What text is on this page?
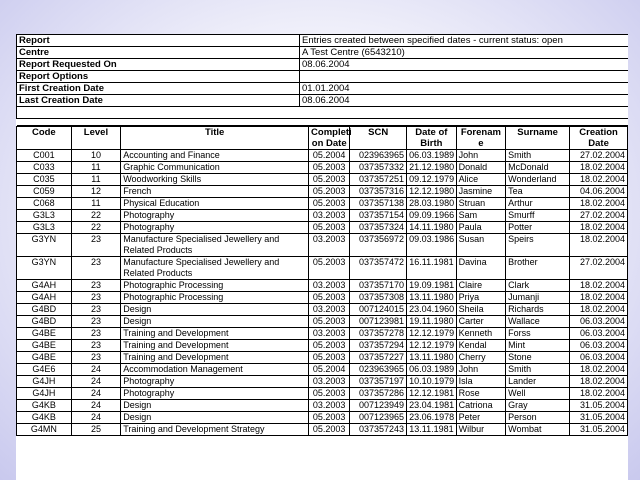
Report	Entries created between specified dates - current status: open
Centre	A Test Centre (6543210)
Report Requested On	08.06.2004
Report Options	
First Creation Date	01.01.2004
Last Creation Date	08.06.2004

Code	Level	Title	Completi on Date	SCN	Date of Birth	Forenam e	Surname	Creation Date
C001	10	Accounting and Finance	05.2004	023963965	06.03.1989	John	Smith	27.02.2004
C033	11	Graphic Communication	05.2003	037357332	21.12.1980	Donald	McDonald	18.02.2004
C035	11	Woodworking Skills	05.2003	037357251	09.12.1979	Alice	Wonderland	18.02.2004
C059	12	French	05.2003	037357316	12.12.1980	Jasmine	Tea	04.06.2004
C068	11	Physical Education	05.2003	037357138	28.03.1980	Struan	Arthur	18.02.2004
G3L3	22	Photography	03.2003	037357154	09.09.1966	Sam	Smurff	27.02.2004
G3L3	22	Photography	05.2003	037357324	14.11.1980	Paula	Potter	18.02.2004
G3YN	23	Manufacture Specialised Jewellery and Related Products	03.2003	037356972	09.03.1986	Susan	Speirs	18.02.2004
G3YN	23	Manufacture Specialised Jewellery and Related Products	05.2003	037357472	16.11.1981	Davina	Brother	27.02.2004
G4AH	23	Photographic Processing	03.2003	037357170	19.09.1981	Claire	Clark	18.02.2004
G4AH	23	Photographic Processing	05.2003	037357308	13.11.1980	Priya	Jumanji	18.02.2004
G4BD	23	Design	03.2003	007124015	23.04.1960	Sheila	Richards	18.02.2004
G4BD	23	Design	05.2003	007123981	19.11.1980	Carter	Wallace	06.03.2004
G4BE	23	Training and Development	03.2003	037357278	12.12.1979	Kenneth	Forss	06.03.2004
G4BE	23	Training and Development	05.2003	037357294	12.12.1979	Kendal	Mint	06.03.2004
G4BE	23	Training and Development	05.2003	037357227	13.11.1980	Cherry	Stone	06.03.2004
G4E6	24	Accommodation Management	05.2004	023963965	06.03.1989	John	Smith	18.02.2004
G4JH	24	Photography	03.2003	037357197	10.10.1979	Isla	Lander	18.02.2004
G4JH	24	Photography	05.2003	037357286	12.12.1981	Rose	Well	18.02.2004
G4KB	24	Design	03.2003	007123949	23.04.1981	Catriona	Gray	31.05.2004
G4KB	24	Design	05.2003	007123965	23.06.1978	Peter	Person	31.05.2004
G4MN	25	Training and Development Strategy	05.2003	037357243	13.11.1981	Wilbur	Wombat	31.05.2004
